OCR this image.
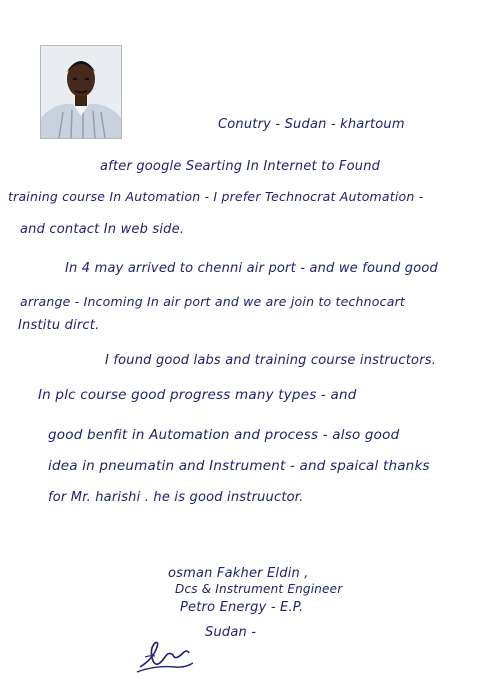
Conutry - Sudan - khartoum
after google Searting In Internet to Found
training course In Automation - I prefer Technocrat Automation -
and contact In web side.
In 4 may arrived to chenni air port - and we found good
arrange - Incoming In air port and we are join to technocart
Institu dirct.
I found good labs and training course instructors.
In plc course good progress many types - and
good benfit in Automation and process - also good
idea in pneumatin and Instrument - and spaical thanks
for Mr. harishi . he is good instruuctor.
osman Fakher Eldin ,
Dcs & Instrument Engineer
Petro Energy - E.P.
Sudan -
